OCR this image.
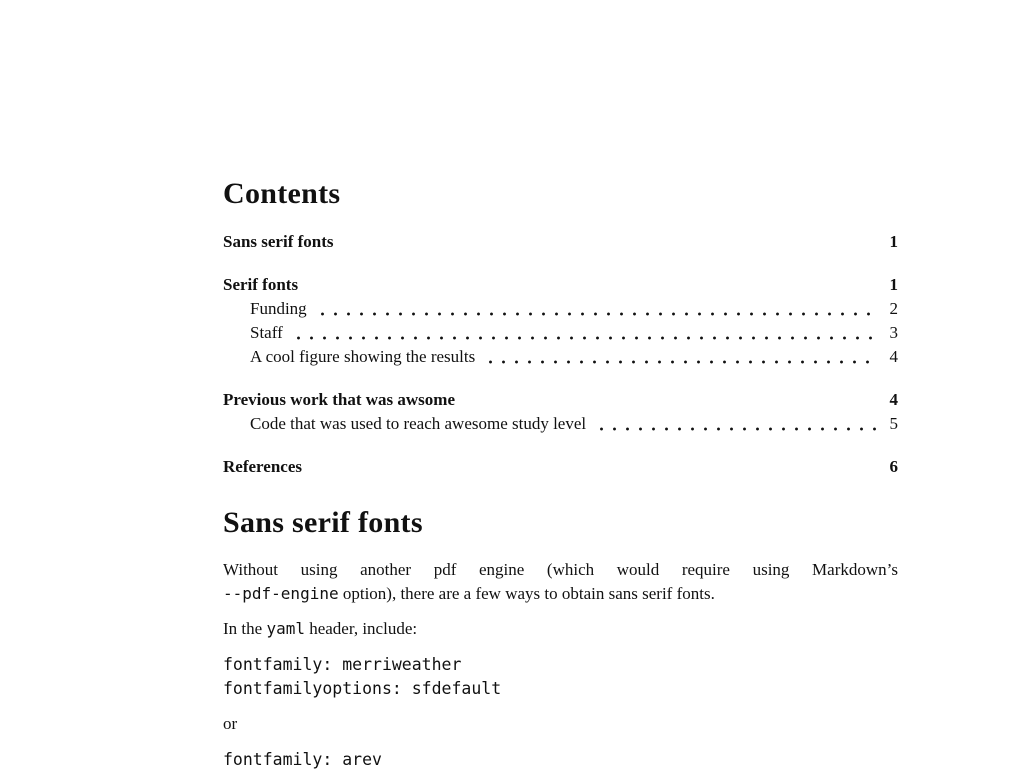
Contents
Sans serif fonts	1
Serif fonts	1
Funding	2
Staff	3
A cool figure showing the results	4
Previous work that was awsome	4
Code that was used to reach awesome study level	5
References	6
Sans serif fonts

Without using another pdf engine (which would require using Markdown’s
--pdf-engine option), there are a few ways to obtain sans serif fonts.

In the yaml header, include:

fontfamily: merriweather
fontfamilyoptions: sfdefault

or

fontfamily: arev
